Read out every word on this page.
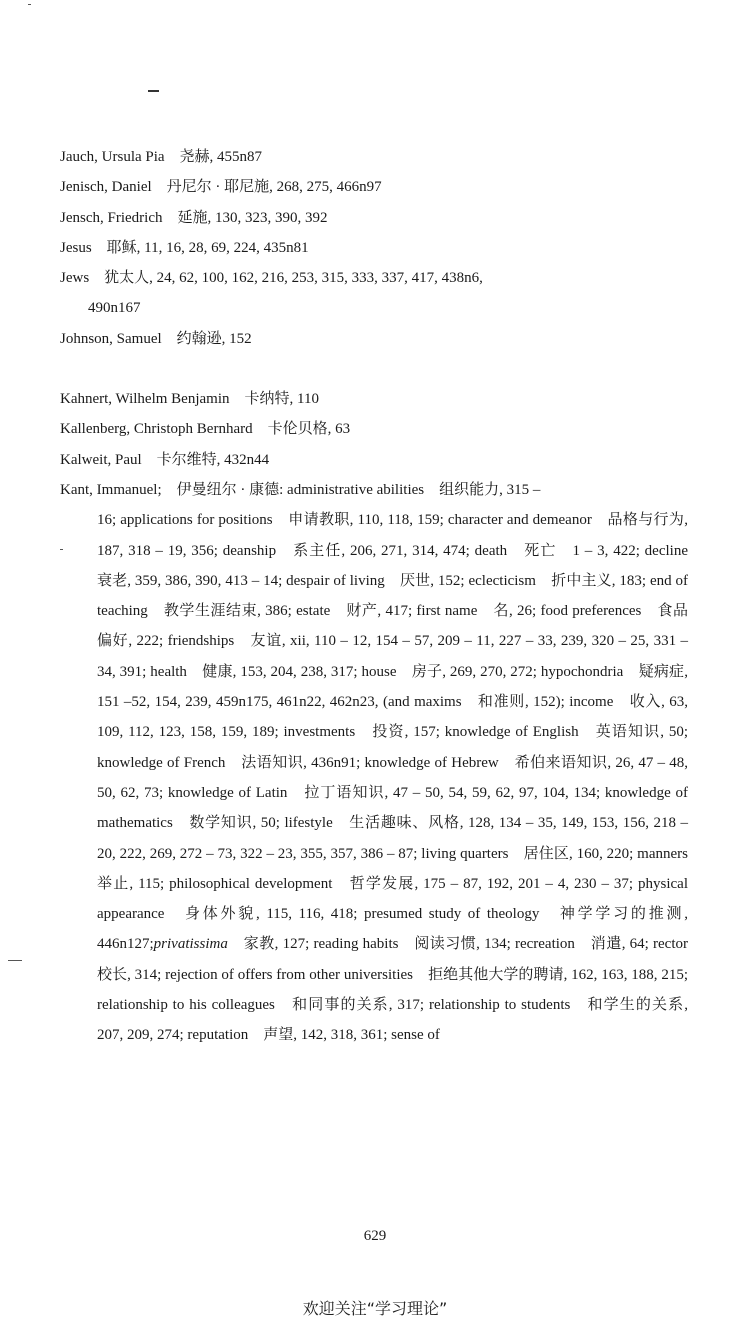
Jauch, Ursula Pia　尧赫, 455n87
Jenisch, Daniel　丹尼尔 · 耶尼施, 268, 275, 466n97
Jensch, Friedrich　延施, 130, 323, 390, 392
Jesus　耶稣, 11, 16, 28, 69, 224, 435n81
Jews　犹太人, 24, 62, 100, 162, 216, 253, 315, 333, 337, 417, 438n6,
490n167
Johnson, Samuel　约翰逊, 152
Kahnert, Wilhelm Benjamin　卡纳特, 110
Kallenberg, Christoph Bernhard　卡伦贝格, 63
Kalweit, Paul　卡尔维特, 432n44
Kant, Immanuel;　伊曼纽尔 · 康德: administrative abilities　组织能力, 315 –
16; applications for positions　申请教职, 110, 118, 159; character and demeanor　品格与行为, 187, 318 – 19, 356; deanship　系主任, 206, 271, 314, 474; death　死亡　1 – 3, 422; decline　衰老, 359, 386, 390, 413 – 14; despair of living　厌世, 152; eclecticism　折中主义, 183; end of teaching　教学生涯结束, 386; estate　财产, 417; first name　名, 26; food preferences　食品偏好, 222; friendships　友谊, xii, 110 – 12, 154 – 57, 209 – 11, 227 – 33, 239, 320 – 25, 331 – 34, 391; health　健康, 153, 204, 238, 317; house　房子, 269, 270, 272; hypochondria　疑病症, 151 –52, 154, 239, 459n175, 461n22, 462n23, (and maxims　和准则, 152); income　收入, 63, 109, 112, 123, 158, 159, 189; investments　投资, 157; knowledge of English　英语知识, 50; knowledge of French　法语知识, 436n91; knowledge of Hebrew　希伯来语知识, 26, 47 – 48, 50, 62, 73; knowledge of Latin　拉丁语知识, 47 – 50, 54, 59, 62, 97, 104, 134; knowledge of mathematics　数学知识, 50; lifestyle　生活趣味、风格, 128, 134 – 35, 149, 153, 156, 218 – 20, 222, 269, 272 – 73, 322 – 23, 355, 357, 386 – 87; living quarters　居住区, 160, 220; manners　举止, 115; philosophical development　哲学发展, 175 – 87, 192, 201 – 4, 230 – 37; physical appearance　身体外貌, 115, 116, 418; presumed study of theology　神学学习的推测, 446n127;privatissima　家教, 127; reading habits　阅读习惯, 134; recreation　消遣, 64; rector　校长, 314; rejection of offers from other universities　拒绝其他大学的聘请, 162, 163, 188, 215; relationship to his colleagues　和同事的关系, 317; relationship to students　和学生的关系, 207, 209, 274; reputation　声望, 142, 318, 361; sense of
629
欢迎关注“学习理论”
